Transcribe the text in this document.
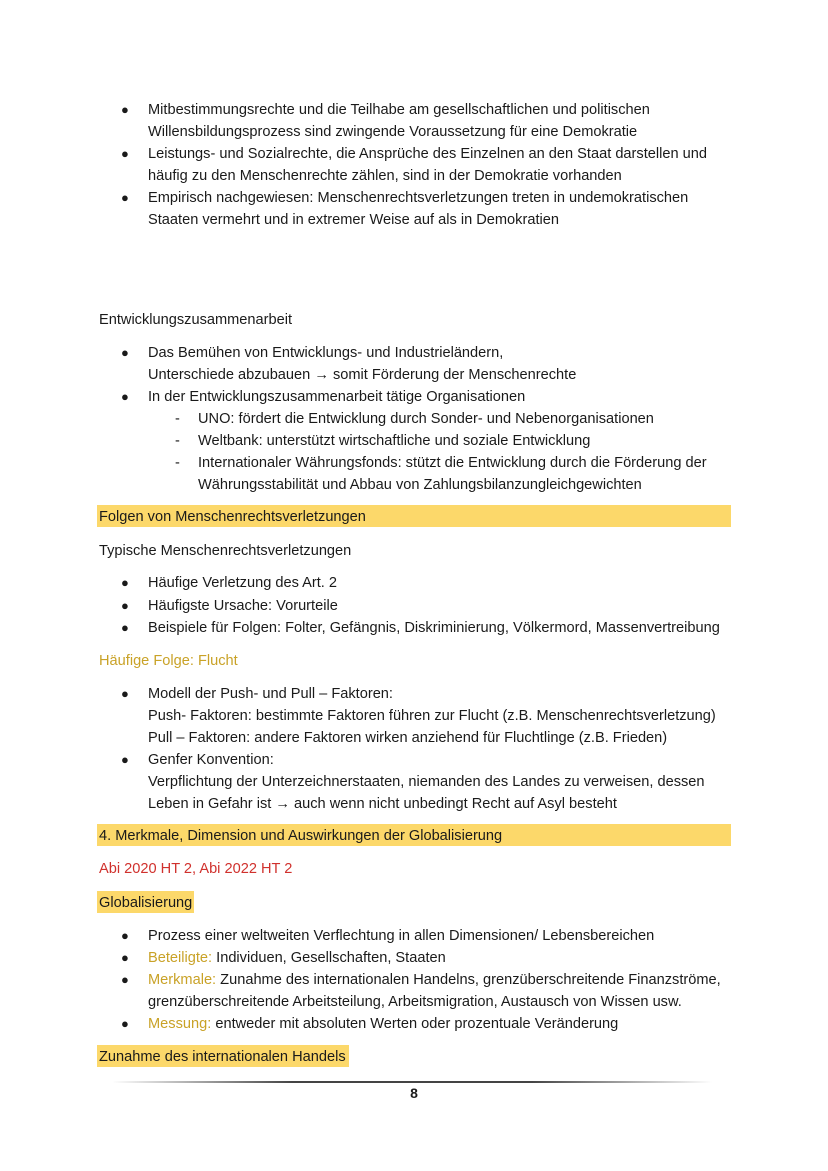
● Mitbestimmungsrechte und die Teilhabe am gesellschaftlichen und politischen
Willensbildungsprozess sind zwingende Voraussetzung für eine Demokratie
● Leistungs- und Sozialrechte, die Ansprüche des Einzelnen an den Staat darstellen und
häufig zu den Menschenrechte zählen, sind in der Demokratie vorhanden
● Empirisch nachgewiesen: Menschenrechtsverletzungen treten in undemokratischen
Staaten vermehrt und in extremer Weise auf als in Demokratien
Entwicklungszusammenarbeit
● Das Bemühen von Entwicklungs- und Industrieländern,
Unterschiede abzubauen → somit Förderung der Menschenrechte
● In der Entwicklungszusammenarbeit tätige Organisationen
- UNO: fördert die Entwicklung durch Sonder- und Nebenorganisationen
- Weltbank: unterstützt wirtschaftliche und soziale Entwicklung
- Internationaler Währungsfonds: stützt die Entwicklung durch die Förderung der
Währungsstabilität und Abbau von Zahlungsbilanzungleichgewichten
Folgen von Menschenrechtsverletzungen
Typische Menschenrechtsverletzungen
● Häufige Verletzung des Art. 2
● Häufigste Ursache: Vorurteile
● Beispiele für Folgen: Folter, Gefängnis, Diskriminierung, Völkermord, Massenvertreibung
Häufige Folge: Flucht
● Modell der Push- und Pull – Faktoren:
Push- Faktoren: bestimmte Faktoren führen zur Flucht (z.B. Menschenrechtsverletzung)
Pull – Faktoren: andere Faktoren wirken anziehend für Fluchtlinge (z.B. Frieden)
● Genfer Konvention:
Verpflichtung der Unterzeichnerstaaten, niemanden des Landes zu verweisen, dessen
Leben in Gefahr ist → auch wenn nicht unbedingt Recht auf Asyl besteht
4. Merkmale, Dimension und Auswirkungen der Globalisierung
Abi 2020 HT 2, Abi 2022 HT 2
Globalisierung
● Prozess einer weltweiten Verflechtung in allen Dimensionen/ Lebensbereichen
● Beteiligte: Individuen, Gesellschaften, Staaten
● Merkmale: Zunahme des internationalen Handelns, grenzüberschreitende Finanzströme,
grenzüberschreitende Arbeitsteilung, Arbeitsmigration, Austausch von Wissen usw.
● Messung: entweder mit absoluten Werten oder prozentuale Veränderung
Zunahme des internationalen Handels
8
